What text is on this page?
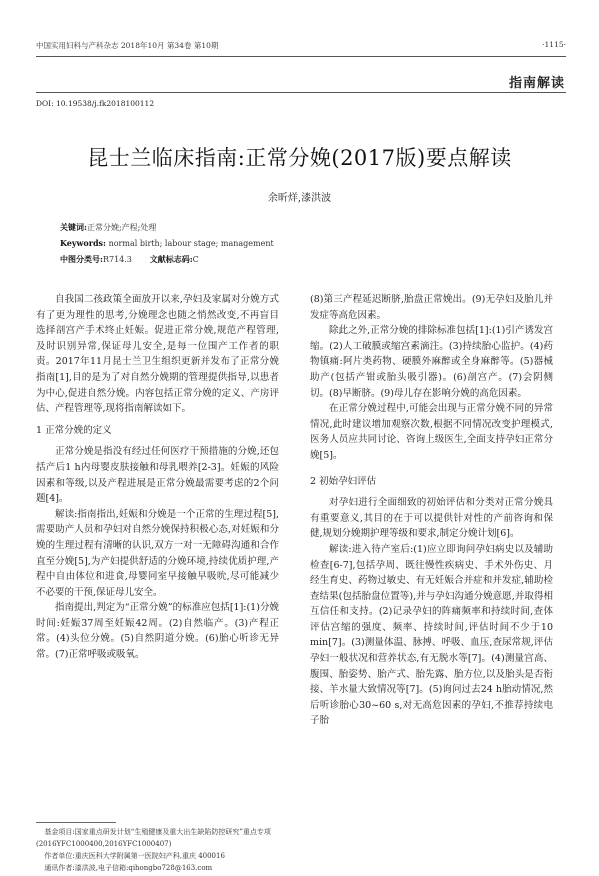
中国实用妇科与产科杂志 2018年10月 第34卷 第10期	·1115·
指南解读
DOI: 10.19538/j.fk2018100112
昆士兰临床指南:正常分娩(2017版)要点解读
余昕烊,漆洪波
关键词:正常分娩;产程;处理
Keywords: normal birth; labour stage; management
中图分类号:R714.3 文献标志码:C

自我国二孩政策全面放开以来,孕妇及家属对分娩方式有了更为理性的思考,分娩理念也随之悄然改变,不再盲目选择剖宫产手术终止妊娠。促进正常分娩,规范产程管理,及时识别异常,保证母儿安全,是每一位围产工作者的职责。2017年11月昆士兰卫生组织更新并发布了正常分娩指南[1],目的是为了对自然分娩期的管理提供指导,以患者为中心,促进自然分娩。内容包括正常分娩的定义、产房评估、产程管理等,现将指南解读如下。

1 正常分娩的定义

正常分娩是指没有经过任何医疗干预措施的分娩,还包括产后1 h内母婴皮肤接触和母乳喂养[2-3]。妊娠的风险因素和等级,以及产程进展是正常分娩最需要考虑的2个问题[4]。

解读:指南指出,妊娠和分娩是一个正常的生理过程[5],需要助产人员和孕妇对自然分娩保持积极心态,对妊娠和分娩的生理过程有清晰的认识,双方一对一无障碍沟通和合作直至分娩[5],为产妇提供舒适的分娩环境,持续优质护理,产程中自由体位和进食,母婴同室早接触早吸吮,尽可能减少不必要的干预,保证母儿安全。

指南提出,判定为“正常分娩”的标准应包括[1]:(1)分娩时间:妊娠37周至妊娠42周。(2)自然临产。(3)产程正常。(4)头位分娩。(5)自然阴道分娩。(6)胎心听诊无异常。(7)正常呼吸或吸氧。

(8)第三产程延迟断脐,胎盘正常娩出。(9)无孕妇及胎儿并发症等高危因素。

除此之外,正常分娩的排除标准包括[1]:(1)引产诱发宫缩。(2)人工破膜或缩宫素滴注。(3)持续胎心监护。(4)药物镇痛:阿片类药物、硬膜外麻醉或全身麻醉等。(5)器械助产(包括产钳或胎头吸引器)。(6)剖宫产。(7)会阴侧切。(8)早断脐。(9)母儿存在影响分娩的高危因素。

在正常分娩过程中,可能会出现与正常分娩不同的异常情况,此时建议增加观察次数,根据不同情况改变护理模式,医务人员应共同讨论、咨询上级医生,全面支持孕妇正常分娩[5]。

2 初始孕妇评估

对孕妇进行全面细致的初始评估和分类对正常分娩具有重要意义,其目的在于可以提供针对性的产前咨询和保健,规划分娩期护理等级和要求,制定分娩计划[6]。

解读:进入待产室后:(1)应立即询问孕妇病史以及辅助检查[6-7],包括孕周、既往慢性疾病史、手术外伤史、月经生育史、药物过敏史、有无妊娠合并症和并发症,辅助检查结果(包括胎盘位置等),并与孕妇沟通分娩意愿,并取得相互信任和支持。(2)记录孕妇的阵痛频率和持续时间,查体评估宫缩的强度、频率、持续时间,评估时间不少于10 min[7]。(3)测量体温、脉搏、呼吸、血压,查尿常规,评估孕妇一般状况和营养状态,有无脱水等[7]。(4)测量宫高、腹围、胎姿势、胎产式、胎先露、胎方位,以及胎头是否衔接、羊水量大致情况等[7]。(5)询问过去24 h胎动情况,然后听诊胎心30~60 s,对无高危因素的孕妇,不推荐持续电子胎

基金项目:国家重点研发计划“生殖健康及重大出生缺陷防控研究”重点专项(2016YFC1000400,2016YFC1000407)
作者单位:重庆医科大学附属第一医院妇产科,重庆 400016
通讯作者:漆洪波,电子信箱:qihongbo728@163.com
